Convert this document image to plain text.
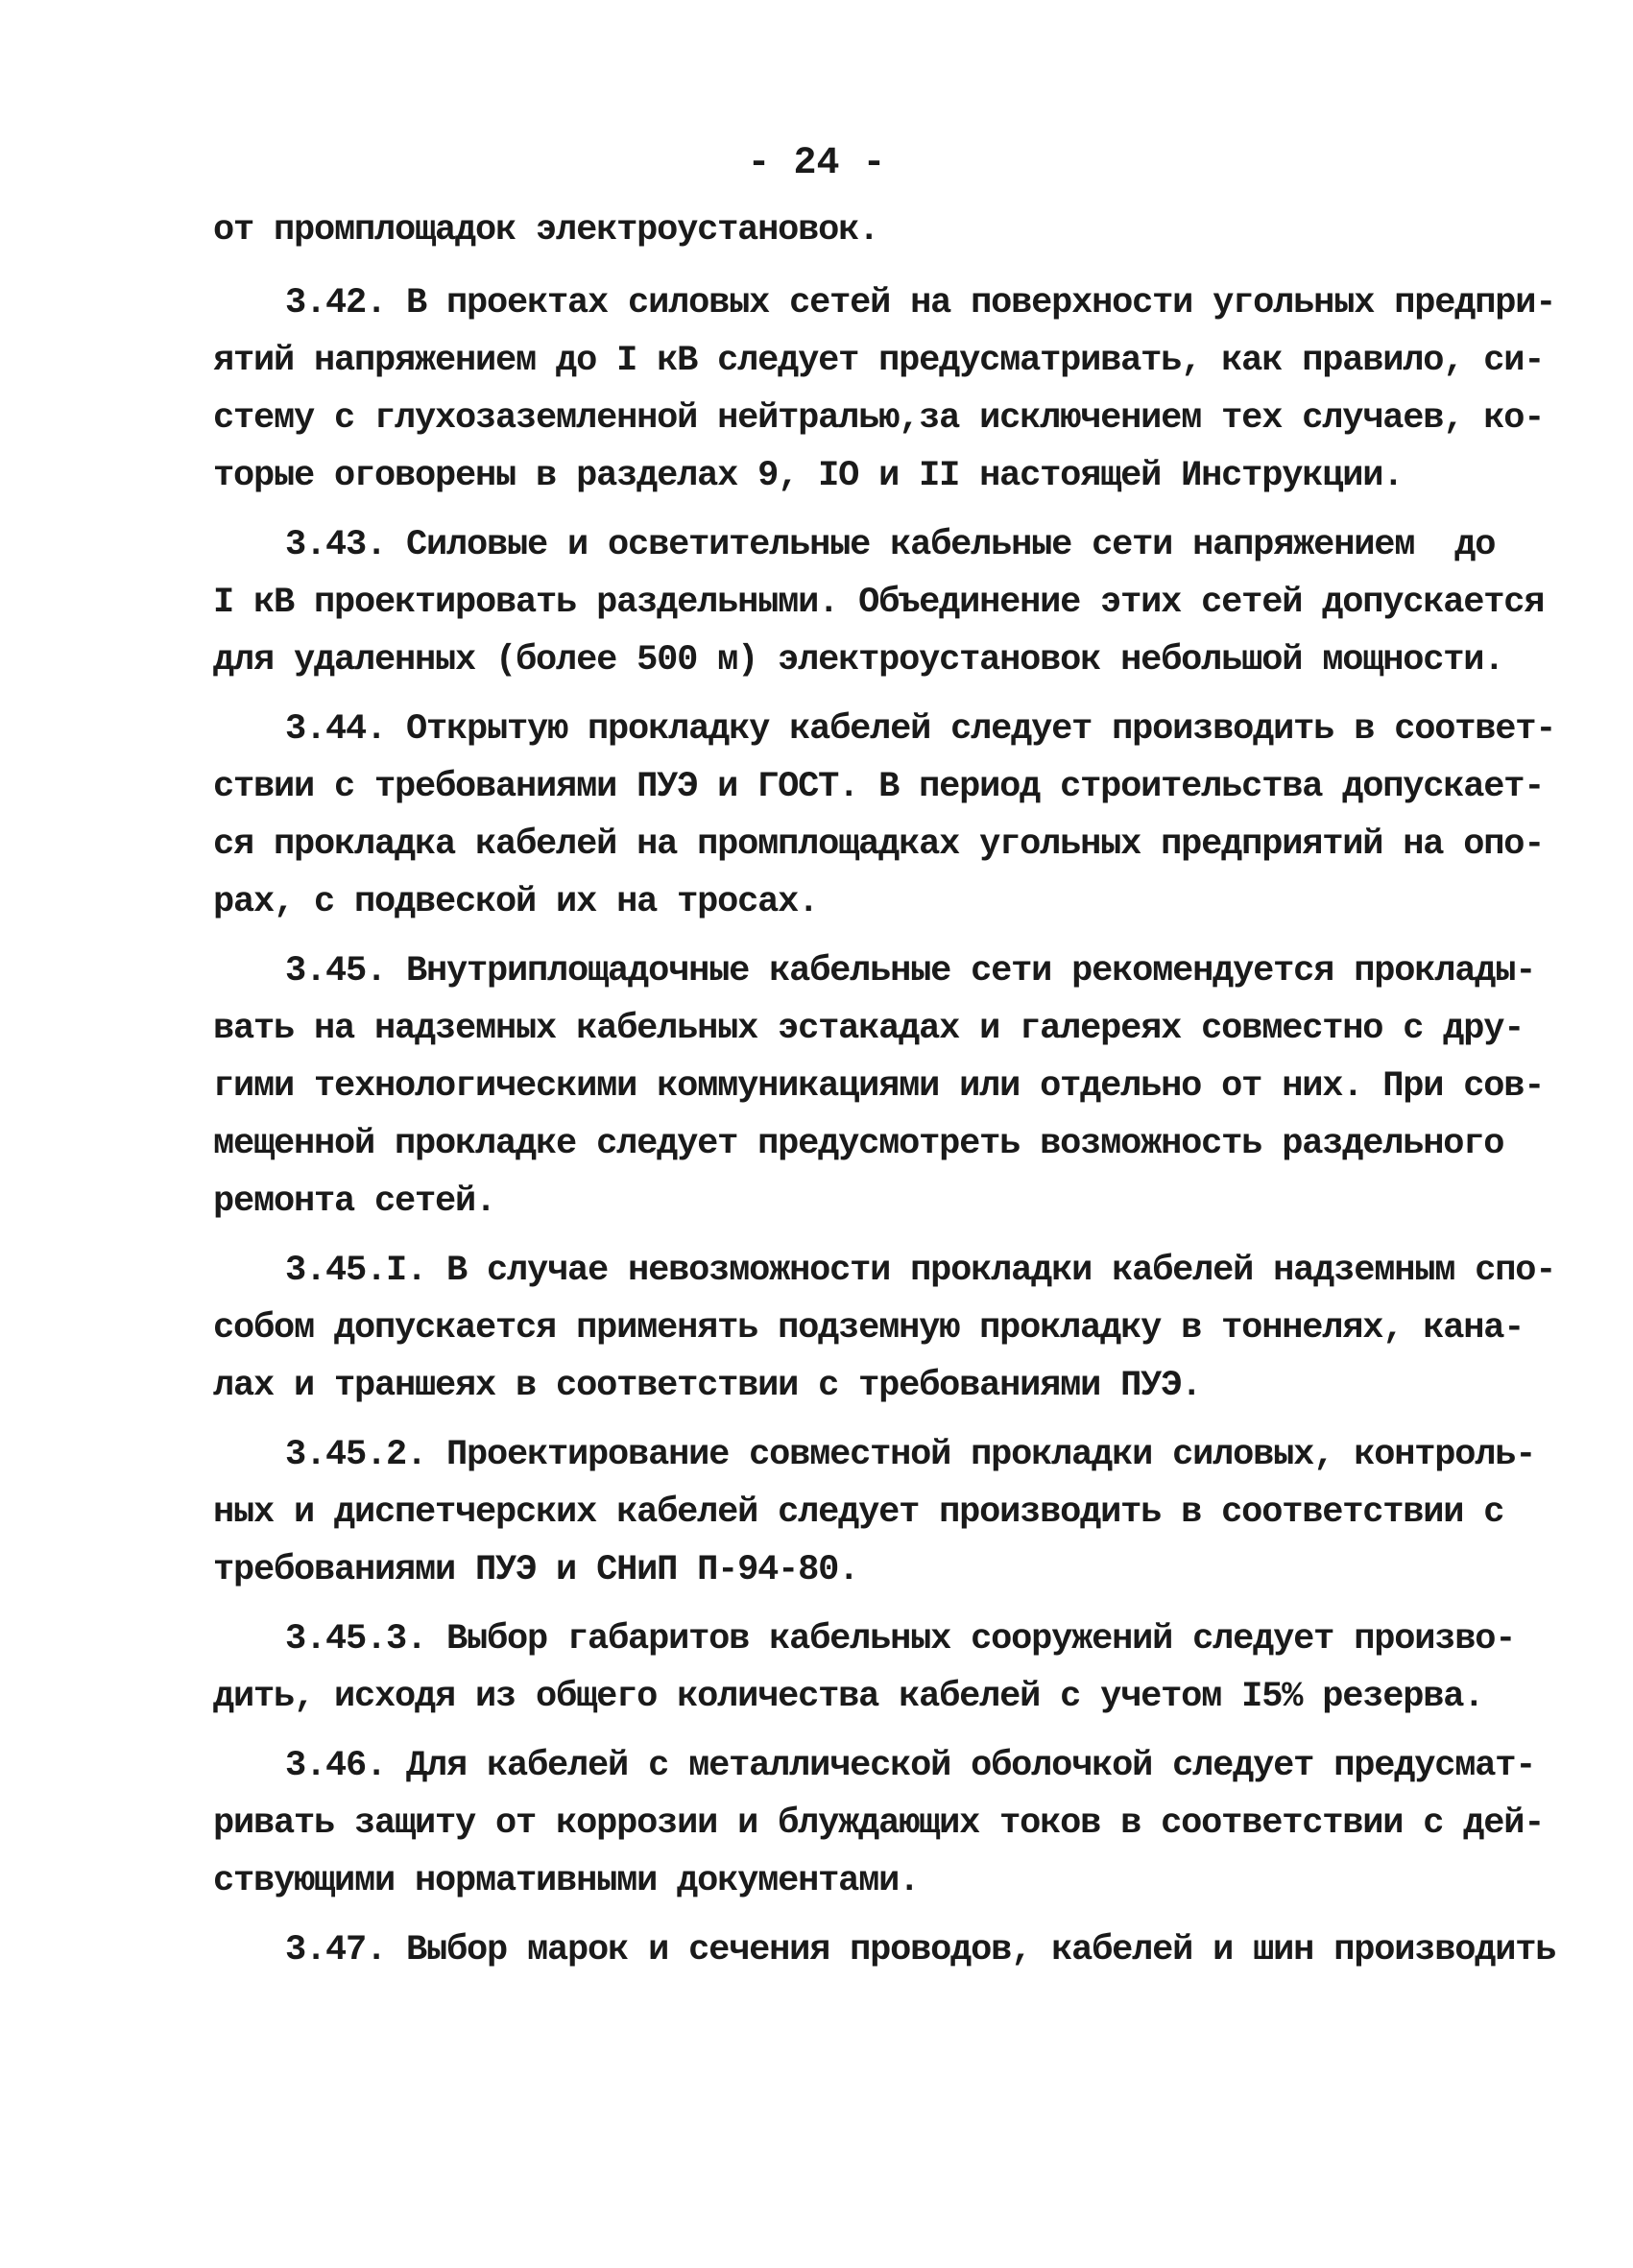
- 24 -
от промплощадок электроустановок.
3.42. В проектах силовых сетей на поверхности угольных предпри-
ятий напряжением до I кВ следует предусматривать, как правило, си-
стему с глухозаземленной нейтралью,за исключением тех случаев, ко-
торые оговорены в разделах 9, IO и II настоящей Инструкции.
3.43. Силовые и осветительные кабельные сети напряжением  до
I кВ проектировать раздельными. Объединение этих сетей допускается
для удаленных (более 500 м) электроустановок небольшой мощности.
3.44. Открытую прокладку кабелей следует производить в соответ-
ствии с требованиями ПУЭ и ГОСТ. В период строительства допускает-
ся прокладка кабелей на промплощадках угольных предприятий на опо-
рах, с подвеской их на тросах.
3.45. Внутриплощадочные кабельные сети рекомендуется проклады-
вать на надземных кабельных эстакадах и галереях совместно с дру-
гими технологическими коммуникациями или отдельно от них. При сов-
мещенной прокладке следует предусмотреть возможность раздельного
ремонта сетей.
3.45.I. В случае невозможности прокладки кабелей надземным спо-
собом допускается применять подземную прокладку в тоннелях, кана-
лах и траншеях в соответствии с требованиями ПУЭ.
3.45.2. Проектирование совместной прокладки силовых, контроль-
ных и диспетчерских кабелей следует производить в соответствии с
требованиями ПУЭ и СНиП П-94-80.
3.45.3. Выбор габаритов кабельных сооружений следует произво-
дить, исходя из общего количества кабелей с учетом I5% резерва.
3.46. Для кабелей с металлической оболочкой следует предусмат-
ривать защиту от коррозии и блуждающих токов в соответствии с дей-
ствующими нормативными документами.
3.47. Выбор марок и сечения проводов, кабелей и шин производить
